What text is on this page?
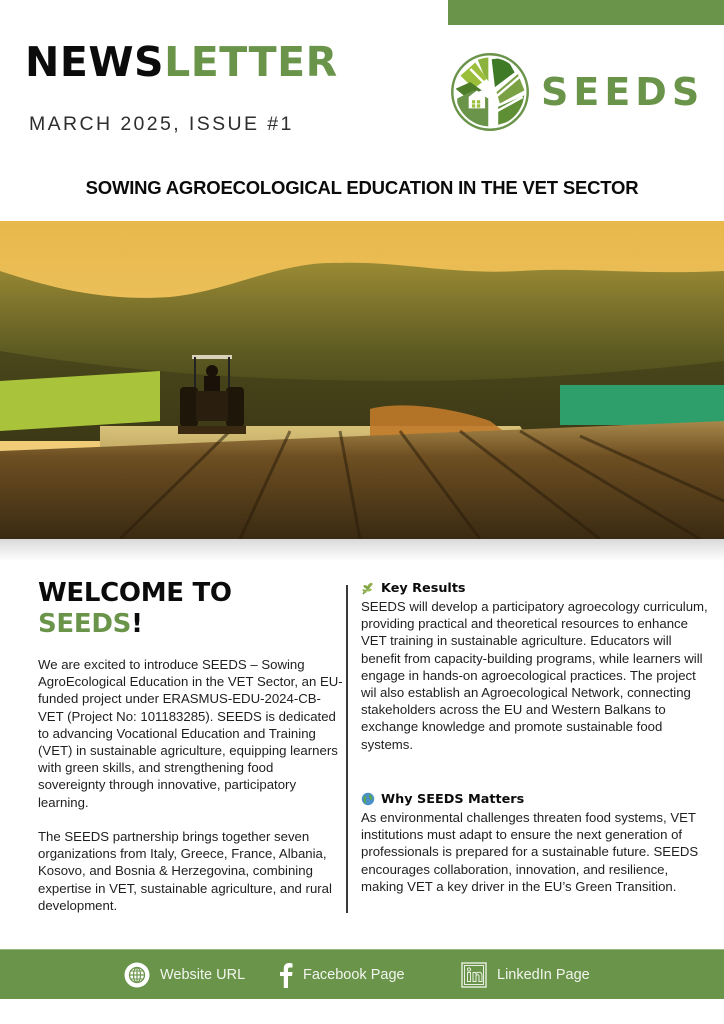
NEWSLETTER
MARCH 2025, ISSUE #1
SEEDS
SOWING AGROECOLOGICAL EDUCATION IN THE VET SECTOR
WELCOME TO
SEEDS!

We are excited to introduce SEEDS – Sowing AgroEcological Education in the VET Sector, an EU-funded project under ERASMUS-EDU-2024-CB-VET (Project No: 101183285). SEEDS is dedicated to advancing Vocational Education and Training (VET) in sustainable agriculture, equipping learners with green skills, and strengthening food sovereignty through innovative, participatory learning.

The SEEDS partnership brings together seven organizations from Italy, Greece, France, Albania, Kosovo, and Bosnia & Herzegovina, combining expertise in VET, sustainable agriculture, and rural development.

Key Results

SEEDS will develop a participatory agroecology curriculum, providing practical and theoretical resources to enhance VET training in sustainable agriculture. Educators will benefit from capacity-building programs, while learners will engage in hands-on agroecological practices. The project wil also establish an Agroecological Network, connecting stakeholders across the EU and Western Balkans to exchange knowledge and promote sustainable food systems.

Why SEEDS Matters

As environmental challenges threaten food systems, VET institutions must adapt to ensure the next generation of professionals is prepared for a sustainable future. SEEDS encourages collaboration, innovation, and resilience, making VET a key driver in the EU’s Green Transition.

Website URL	Facebook Page	LinkedIn Page
